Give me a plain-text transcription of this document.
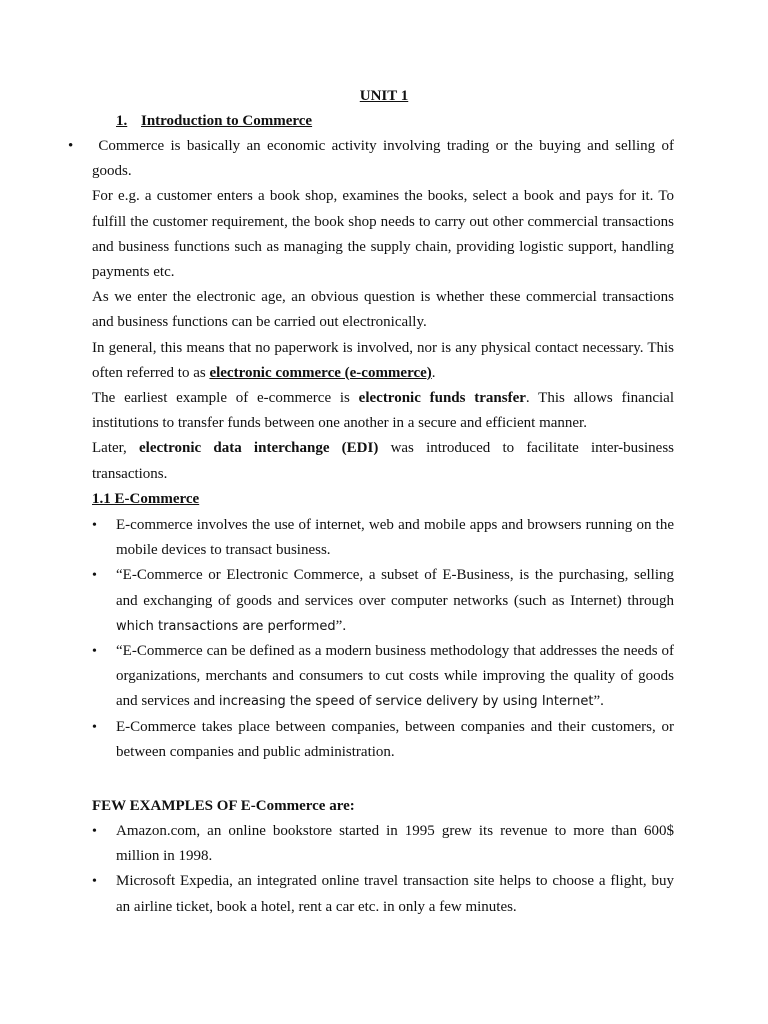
UNIT 1
1. Introduction to Commerce
•	Commerce is basically an economic activity involving trading or the buying and selling of goods.

For e.g. a customer enters a book shop, examines the books, select a book and pays for it. To fulfill the customer requirement, the book shop needs to carry out other commercial transactions and business functions such as managing the supply chain, providing logistic support, handling payments etc.

As we enter the electronic age, an obvious question is whether these commercial transactions and business functions can be carried out electronically.

In general, this means that no paperwork is involved, nor is any physical contact necessary. This often referred to as electronic commerce (e-commerce).

The earliest example of e-commerce is electronic funds transfer. This allows financial institutions to transfer funds between one another in a secure and efficient manner.

Later, electronic data interchange (EDI) was introduced to facilitate inter-business transactions.

1.1 E-Commerce
• E-commerce involves the use of internet, web and mobile apps and browsers running on the mobile devices to transact business.
• “E-Commerce or Electronic Commerce, a subset of E-Business, is the purchasing, selling and exchanging of goods and services over computer networks (such as Internet) through which transactions are performed”.
• “E-Commerce can be defined as a modern business methodology that addresses the needs of organizations, merchants and consumers to cut costs while improving the quality of goods and services and increasing the speed of service delivery by using Internet”.
• E-Commerce takes place between companies, between companies and their customers, or between companies and public administration.
FEW EXAMPLES OF E-Commerce are:
• Amazon.com, an online bookstore started in 1995 grew its revenue to more than 600$ million in 1998.
• Microsoft Expedia, an integrated online travel transaction site helps to choose a flight, buy an airline ticket, book a hotel, rent a car etc. in only a few minutes.
